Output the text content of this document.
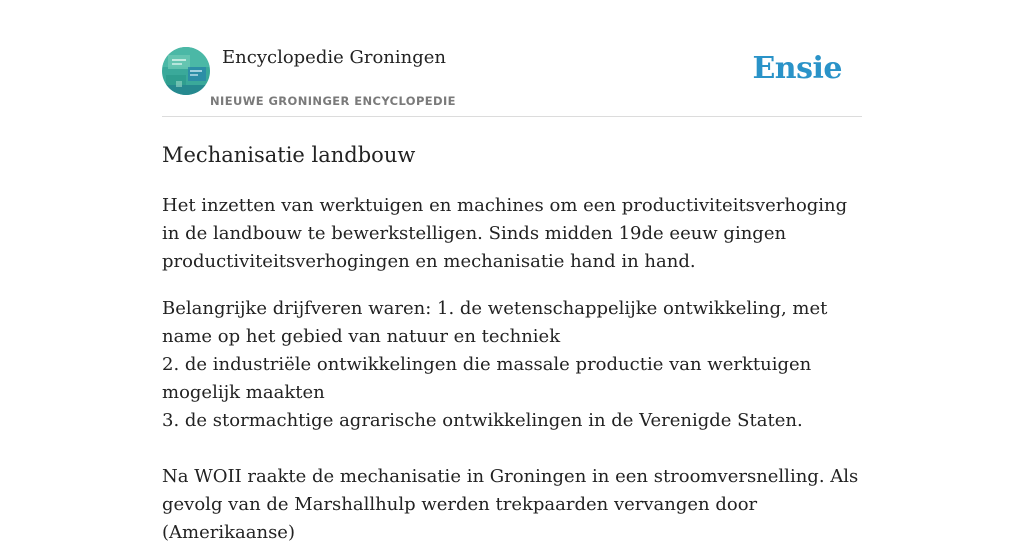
Encyclopedie Groningen
NIEUWE GRONINGER ENCYCLOPEDIE
Ensie
Mechanisatie landbouw

Het inzetten van werktuigen en machines om een productiviteitsverhoging in de landbouw te bewerkstelligen. Sinds midden 19de eeuw gingen productiviteitsverhogingen en mechanisatie hand in hand.

Belangrijke drijfveren waren: 1. de wetenschappelijke ontwikkeling, met name op het gebied van natuur en techniek
2. de industriële ontwikkelingen die massale productie van werktuigen mogelijk maakten
3. de stormachtige agrarische ontwikkelingen in de Verenigde Staten.

Na WOII raakte de mechanisatie in Groningen in een stroomversnelling. Als gevolg van de Marshallhulp werden trekpaarden vervangen door (Amerikaanse)
